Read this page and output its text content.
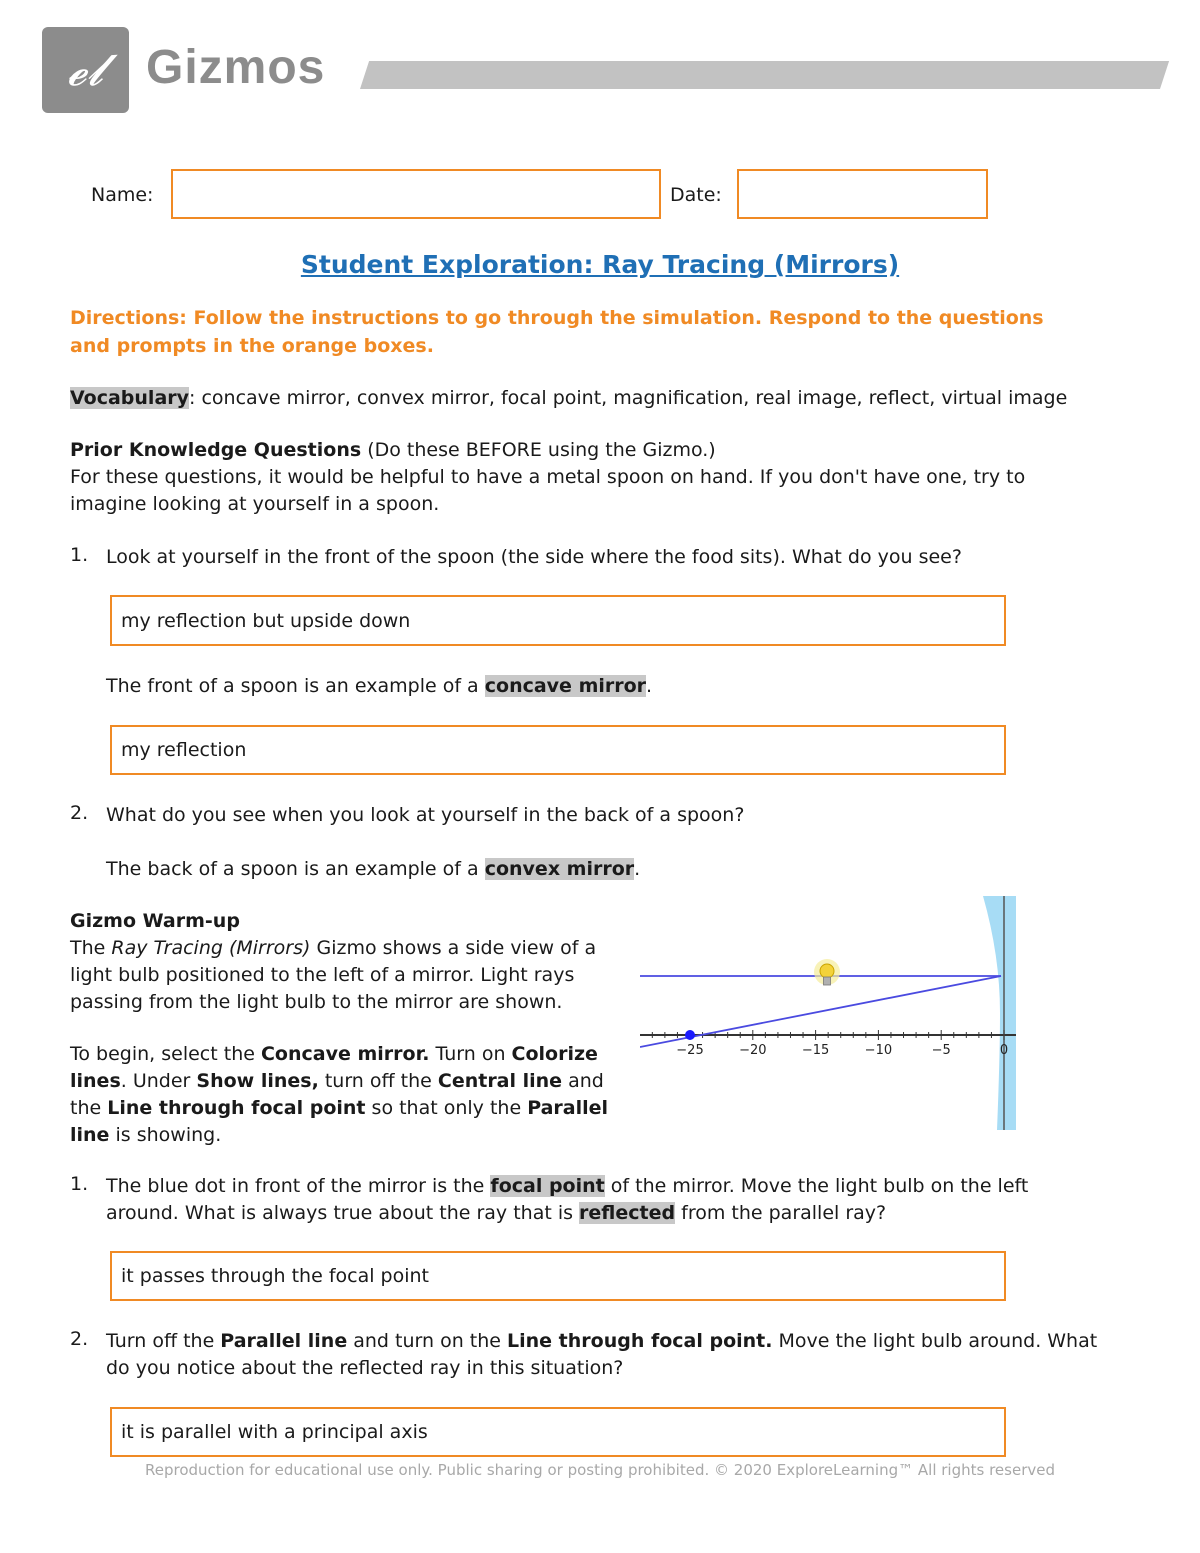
𝓮𝓵 Gizmos
Name:	Date:
Student Exploration: Ray Tracing (Mirrors)
Directions: Follow the instructions to go through the simulation. Respond to the questions and prompts in the orange boxes.
Vocabulary: concave mirror, convex mirror, focal point, magnification, real image, reflect, virtual image
Prior Knowledge Questions (Do these BEFORE using the Gizmo.)
For these questions, it would be helpful to have a metal spoon on hand. If you don't have one, try to imagine looking at yourself in a spoon.
1. Look at yourself in the front of the spoon (the side where the food sits). What do you see?
my reflection but upside down
The front of a spoon is an example of a concave mirror.
my reflection
2. What do you see when you look at yourself in the back of a spoon?
The back of a spoon is an example of a convex mirror.
Gizmo Warm-up
The Ray Tracing (Mirrors) Gizmo shows a side view of a light bulb positioned to the left of a mirror. Light rays passing from the light bulb to the mirror are shown.
To begin, select the Concave mirror. Turn on Colorize lines. Under Show lines, turn off the Central line and the Line through focal point so that only the Parallel line is showing.
−25	−20	−15	−10	−5	0
1. The blue dot in front of the mirror is the focal point of the mirror. Move the light bulb on the left around. What is always true about the ray that is reflected from the parallel ray?
it passes through the focal point
2. Turn off the Parallel line and turn on the Line through focal point. Move the light bulb around. What do you notice about the reflected ray in this situation?
it is parallel with a principal axis
Reproduction for educational use only. Public sharing or posting prohibited. © 2020 ExploreLearning™ All rights reserved
